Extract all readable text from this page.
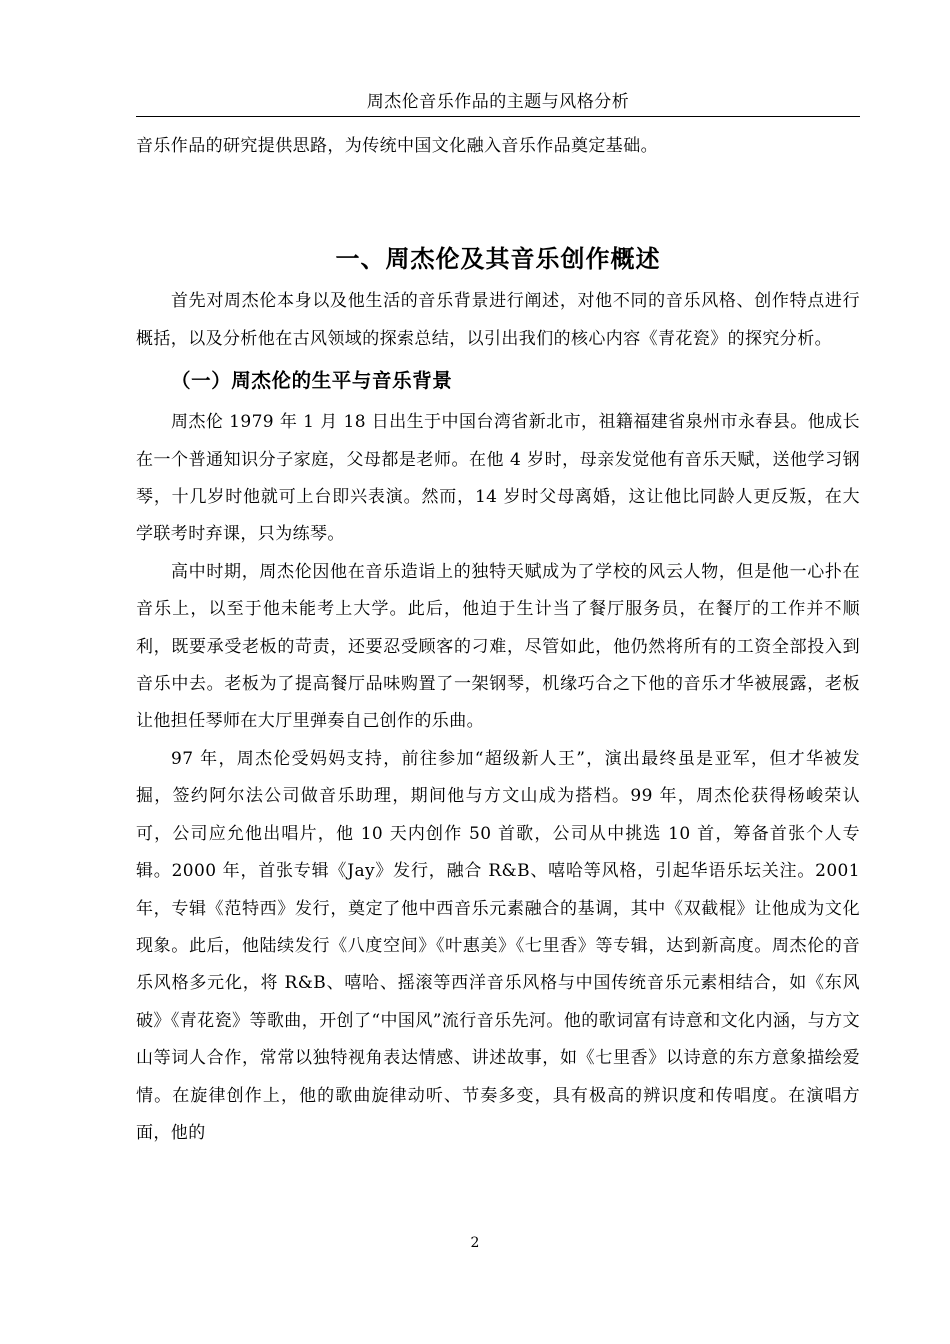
周杰伦音乐作品的主题与风格分析

音乐作品的研究提供思路，为传统中国文化融入音乐作品奠定基础。

一、周杰伦及其音乐创作概述

首先对周杰伦本身以及他生活的音乐背景进行阐述，对他不同的音乐风格、创作特点进行概括，以及分析他在古风领域的探索总结，以引出我们的核心内容《青花瓷》的探究分析。

（一）周杰伦的生平与音乐背景

周杰伦 1979 年 1 月 18 日出生于中国台湾省新北市，祖籍福建省泉州市永春县。他成长在一个普通知识分子家庭，父母都是老师。在他 4 岁时，母亲发觉他有音乐天赋，送他学习钢琴，十几岁时他就可上台即兴表演。然而，14 岁时父母离婚，这让他比同龄人更反叛，在大学联考时弃课，只为练琴。

高中时期，周杰伦因他在音乐造诣上的独特天赋成为了学校的风云人物，但是他一心扑在音乐上，以至于他未能考上大学。此后，他迫于生计当了餐厅服务员，在餐厅的工作并不顺利，既要承受老板的苛责，还要忍受顾客的刁难，尽管如此，他仍然将所有的工资全部投入到音乐中去。老板为了提高餐厅品味购置了一架钢琴，机缘巧合之下他的音乐才华被展露，老板让他担任琴师在大厅里弹奏自己创作的乐曲。

97 年，周杰伦受妈妈支持，前往参加“超级新人王”，演出最终虽是亚军，但才华被发掘，签约阿尔法公司做音乐助理，期间他与方文山成为搭档。99 年，周杰伦获得杨峻荣认可，公司应允他出唱片，他 10 天内创作 50 首歌，公司从中挑选 10 首，筹备首张个人专辑。2000 年，首张专辑《Jay》发行，融合 R&B、嘻哈等风格，引起华语乐坛关注。2001 年，专辑《范特西》发行，奠定了他中西音乐元素融合的基调，其中《双截棍》让他成为文化现象。此后，他陆续发行《八度空间》《叶惠美》《七里香》等专辑，达到新高度。周杰伦的音乐风格多元化，将 R&B、嘻哈、摇滚等西洋音乐风格与中国传统音乐元素相结合，如《东风破》《青花瓷》等歌曲，开创了“中国风”流行音乐先河。他的歌词富有诗意和文化内涵，与方文山等词人合作，常常以独特视角表达情感、讲述故事，如《七里香》以诗意的东方意象描绘爱情。在旋律创作上，他的歌曲旋律动听、节奏多变，具有极高的辨识度和传唱度。在演唱方面，他的

2
